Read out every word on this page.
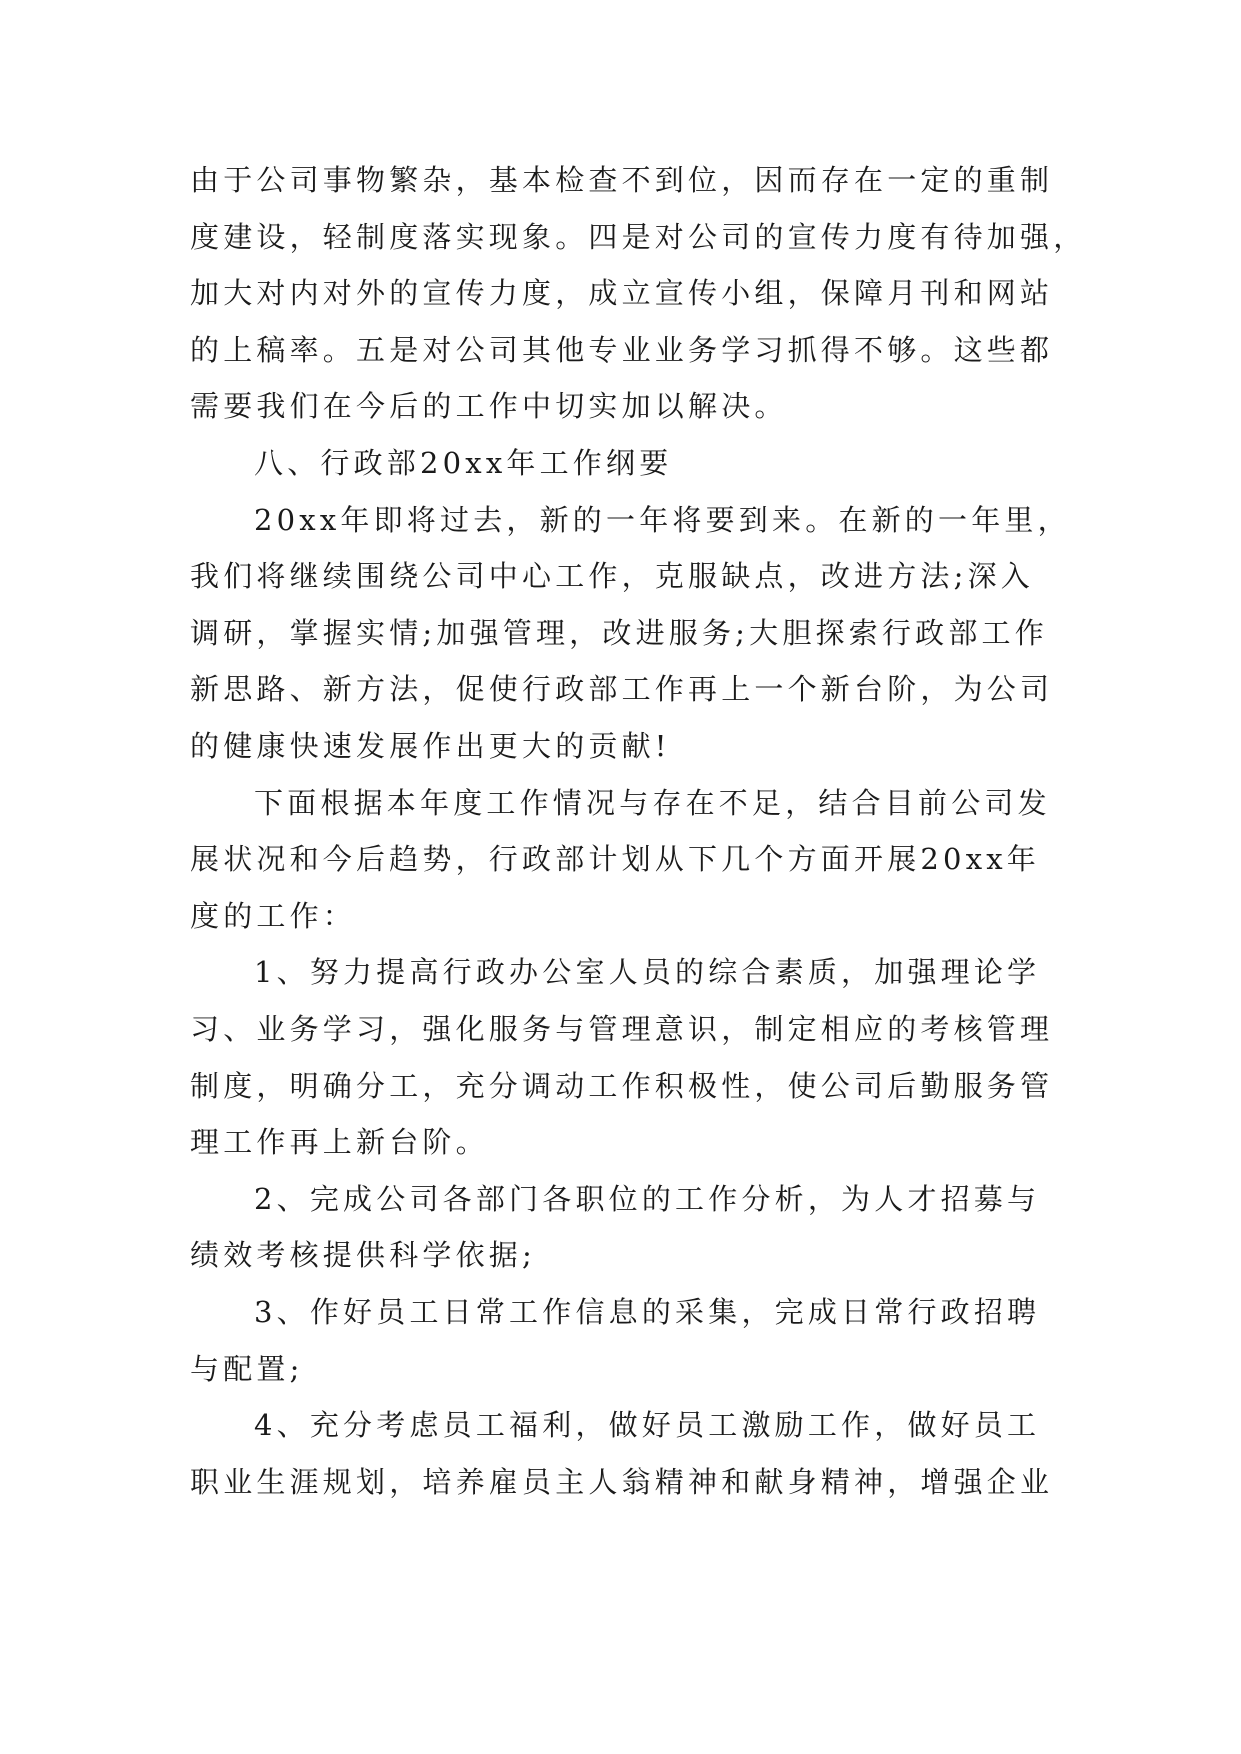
由于公司事物繁杂，基本检查不到位，因而存在一定的重制
度建设，轻制度落实现象。四是对公司的宣传力度有待加强，
加大对内对外的宣传力度，成立宣传小组，保障月刊和网站
的上稿率。五是对公司其他专业业务学习抓得不够。这些都
需要我们在今后的工作中切实加以解决。
八、行政部20xx年工作纲要
20xx年即将过去，新的一年将要到来。在新的一年里，
我们将继续围绕公司中心工作，克服缺点，改进方法;深入
调研，掌握实情;加强管理，改进服务;大胆探索行政部工作
新思路、新方法，促使行政部工作再上一个新台阶，为公司
的健康快速发展作出更大的贡献!
下面根据本年度工作情况与存在不足，结合目前公司发
展状况和今后趋势，行政部计划从下几个方面开展20xx年
度的工作：
1、努力提高行政办公室人员的综合素质，加强理论学
习、业务学习，强化服务与管理意识，制定相应的考核管理
制度，明确分工，充分调动工作积极性，使公司后勤服务管
理工作再上新台阶。
2、完成公司各部门各职位的工作分析，为人才招募与
绩效考核提供科学依据;
3、作好员工日常工作信息的采集，完成日常行政招聘
与配置;
4、充分考虑员工福利，做好员工激励工作，做好员工
职业生涯规划，培养雇员主人翁精神和献身精神，增强企业
